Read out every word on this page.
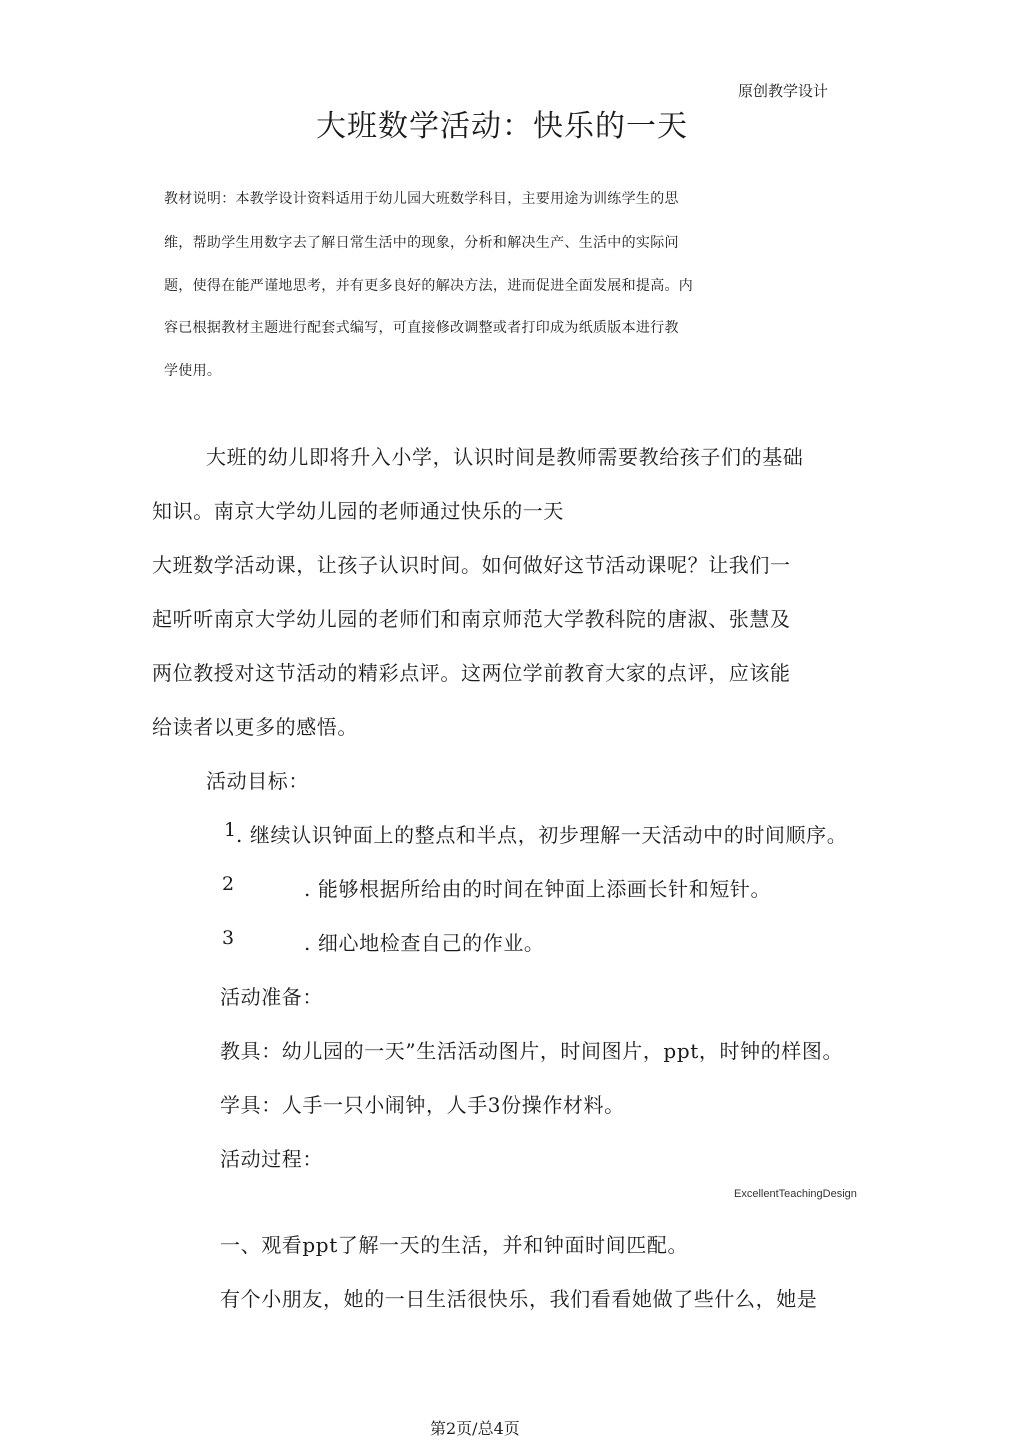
原创教学设计
大班数学活动：快乐的一天
教材说明：本教学设计资料适用于幼儿园大班数学科目，主要用途为训练学生的思
维，帮助学生用数字去了解日常生活中的现象，分析和解决生产、生活中的实际问
题，使得在能严谨地思考，并有更多良好的解决方法，进而促进全面发展和提高。内
容已根据教材主题进行配套式编写，可直接修改调整或者打印成为纸质版本进行教
学使用。
大班的幼儿即将升入小学，认识时间是教师需要教给孩子们的基础
知识。南京大学幼儿园的老师通过快乐的一天
大班数学活动课，让孩子认识时间。如何做好这节活动课呢？让我们一
起听听南京大学幼儿园的老师们和南京师范大学教科院的唐淑、张慧及
两位教授对这节活动的精彩点评。这两位学前教育大家的点评，应该能
给读者以更多的感悟。
活动目标：
1 . 继续认识钟面上的整点和半点，初步理解一天活动中的时间顺序。
2	. 能够根据所给由的时间在钟面上添画长针和短针。
3	. 细心地检查自己的作业。
活动准备：
教具：幼儿园的一天”生活活动图片，时间图片，ppt，时钟的样图。
学具：人手一只小闹钟，人手3份操作材料。
活动过程：
ExcellentTeachingDesign
一、观看ppt了解一天的生活，并和钟面时间匹配。
有个小朋友，她的一日生活很快乐，我们看看她做了些什么，她是
第2页/总4页
